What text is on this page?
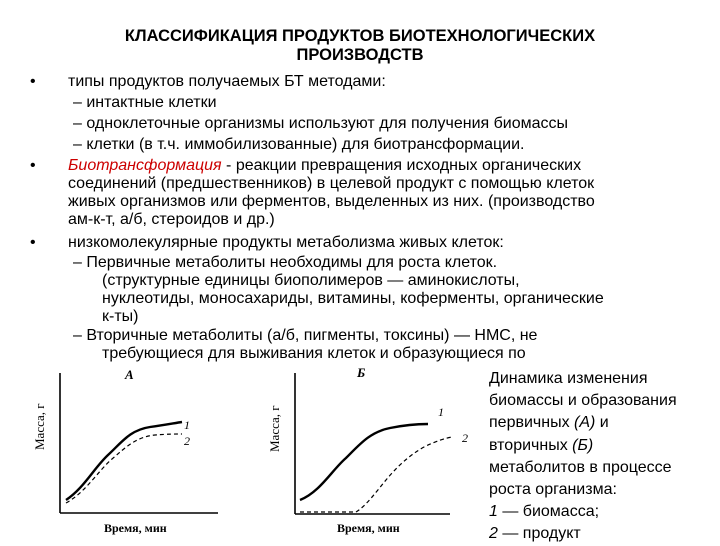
КЛАССИФИКАЦИЯ ПРОДУКТОВ БИОТЕХНОЛОГИЧЕСКИХ
ПРОИЗВОДСТВ
• типы продуктов получаемых БТ методами:
– интактные клетки
– одноклеточные организмы используют для получения биомассы
– клетки (в т.ч. иммобилизованные) для биотрансформации.
• Биотрансформация - реакции превращения исходных органических
соединений (предшественников) в целевой продукт с помощью клеток
живых организмов или ферментов, выделенных из них. (производство
ам-к-т, а/б, стероидов и др.)
• низкомолекулярные продукты метаболизма живых клеток:
– Первичные метаболиты необходимы для роста клеток.
(структурные единицы биополимеров — аминокислоты,
нуклеотиды, моносахариды, витамины, коферменты, органические
к-ты)
– Вторичные метаболиты (а/б, пигменты, токсины) — НМС, не
требующиеся для выживания клеток и образующиеся по
А
Масса, г	1
2
Время, мин
Б
Масса, г	1
2
Время, мин
Динамика изменения
биомассы и образования
первичных (А) и
вторичных (Б)
метаболитов в процессе
роста организма:
1 — биомасса;
2 — продукт
